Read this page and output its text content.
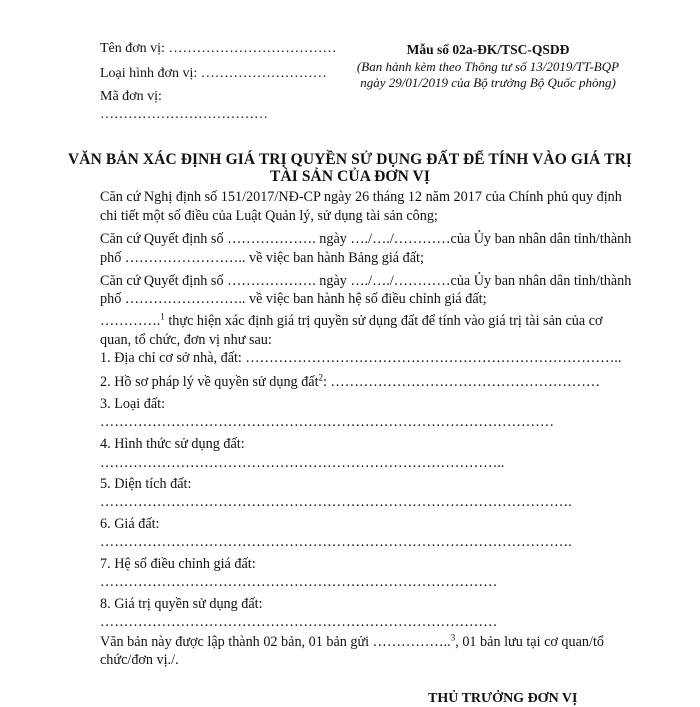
Tên đơn vị: ………………………………
Loại hình đơn vị: ………………………
Mã đơn vị:
………………………………
Mẫu số 02a-ĐK/TSC-QSDĐ
(Ban hành kèm theo Thông tư số 13/2019/TT-BQP
ngày 29/01/2019 của Bộ trưởng Bộ Quốc phòng)
VĂN BẢN XÁC ĐỊNH GIÁ TRỊ QUYỀN SỬ DỤNG ĐẤT ĐỂ TÍNH VÀO GIÁ TRỊ
TÀI SẢN CỦA ĐƠN VỊ
Căn cứ Nghị định số 151/2017/NĐ-CP ngày 26 tháng 12 năm 2017 của Chính phủ quy định
chi tiết một số điều của Luật Quản lý, sử dụng tài sản công;
Căn cứ Quyết định số ………………. ngày …./…./…………của Ủy ban nhân dân tỉnh/thành
phố …………………….. về việc ban hành Bảng giá đất;
Căn cứ Quyết định số ………………. ngày …./…./…………của Ủy ban nhân dân tỉnh/thành
phố …………………….. về việc ban hành hệ số điều chỉnh giá đất;
………….$^1$ thực hiện xác định giá trị quyền sử dụng đất để tính vào giá trị tài sản của cơ
quan, tổ chức, đơn vị như sau:
1. Địa chỉ cơ sở nhà, đất: ……………………………………………………………………..
2. Hồ sơ pháp lý về quyền sử dụng đất$^2$: …………………………………………………
3. Loại đất:
……………………………………………………………………………………
4. Hình thức sử dụng đất:
…………………………………………………………………………..
5. Diện tích đất:
……………………………………………………………………………………….
6. Giá đất:
……………………………………………………………………………………….
7. Hệ số điều chỉnh giá đất:
…………………………………………………………………………
8. Giá trị quyền sử dụng đất:
…………………………………………………………………………
Văn bản này được lập thành 02 bản, 01 bản gửi ……………..$^3$, 01 bản lưu tại cơ quan/tổ
chức/đơn vị./.
THỦ TRƯỞNG ĐƠN VỊ
